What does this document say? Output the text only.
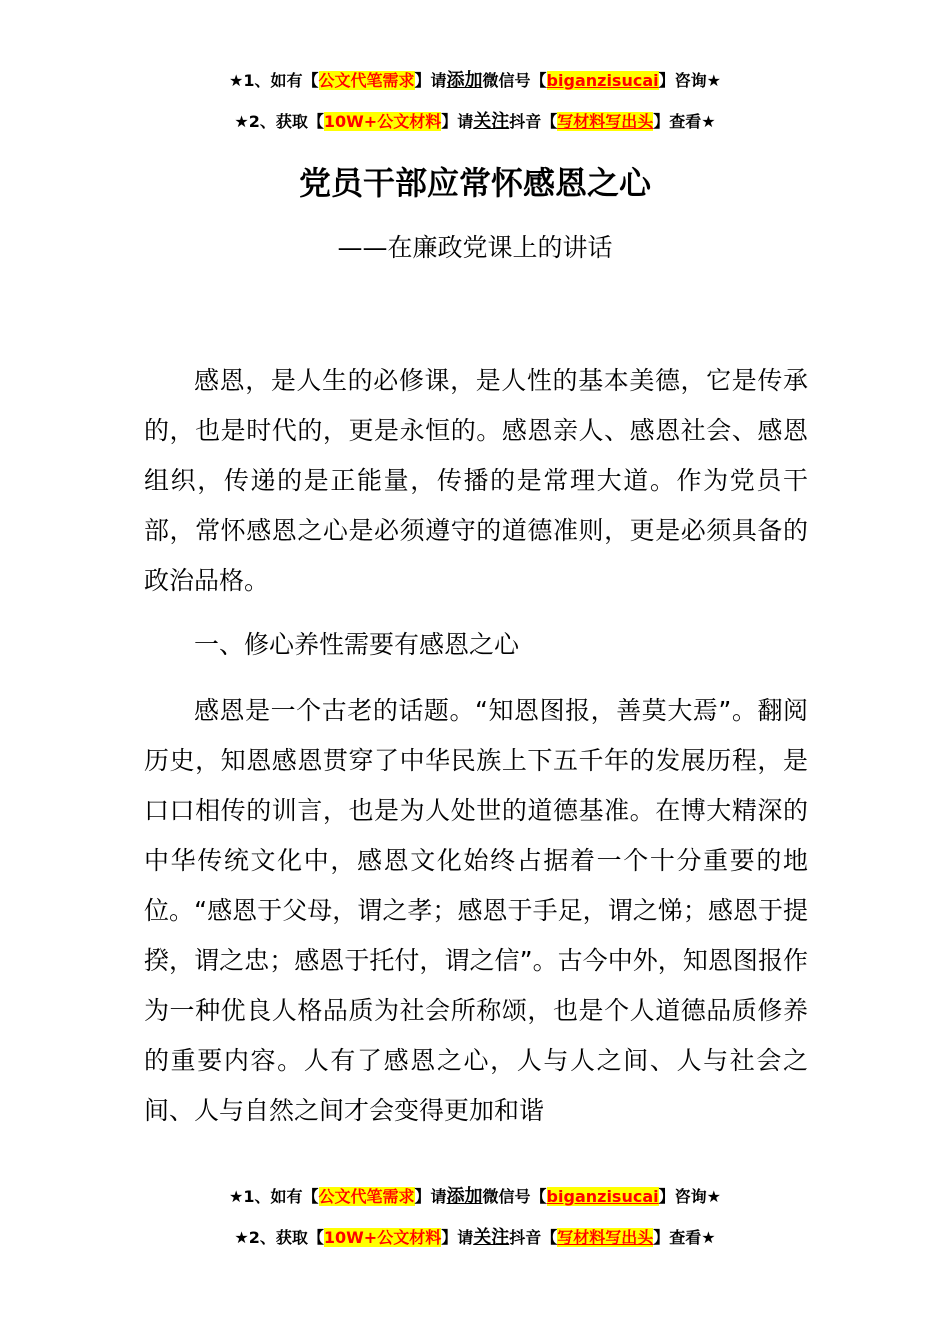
★1、如有【公文代笔需求】请添加微信号【biganzisucai】咨询★
★2、获取【10W+公文材料】请关注抖音【写材料写出头】查看★
党员干部应常怀感恩之心
——在廉政党课上的讲话

感恩，是人生的必修课，是人性的基本美德，它是传承的，也是时代的，更是永恒的。感恩亲人、感恩社会、感恩组织，传递的是正能量，传播的是常理大道。作为党员干部，常怀感恩之心是必须遵守的道德准则，更是必须具备的政治品格。

一、修心养性需要有感恩之心

感恩是一个古老的话题。“知恩图报，善莫大焉”。翻阅历史，知恩感恩贯穿了中华民族上下五千年的发展历程，是口口相传的训言，也是为人处世的道德基准。在博大精深的中华传统文化中，感恩文化始终占据着一个十分重要的地位。“感恩于父母，谓之孝；感恩于手足，谓之悌；感恩于提揆，谓之忠；感恩于托付，谓之信”。古今中外，知恩图报作为一种优良人格品质为社会所称颂，也是个人道德品质修养的重要内容。人有了感恩之心，人与人之间、人与社会之间、人与自然之间才会变得更加和谐

★1、如有【公文代笔需求】请添加微信号【biganzisucai】咨询★
★2、获取【10W+公文材料】请关注抖音【写材料写出头】查看★
